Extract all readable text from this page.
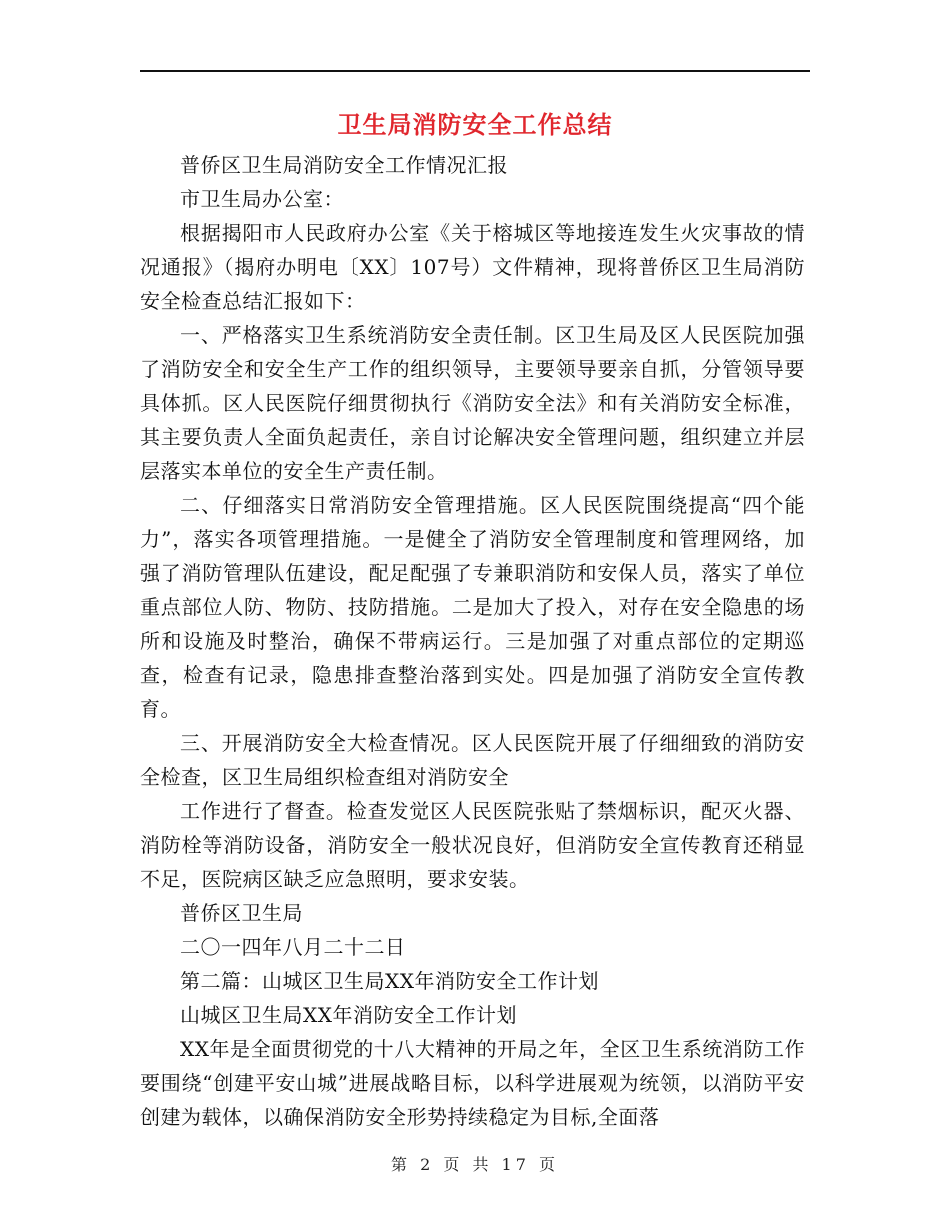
卫生局消防安全工作总结

普侨区卫生局消防安全工作情况汇报

市卫生局办公室：

根据揭阳市人民政府办公室《关于榕城区等地接连发生火灾事故的情况通报》（揭府办明电〔XX〕107号）文件精神，现将普侨区卫生局消防安全检查总结汇报如下：

一、严格落实卫生系统消防安全责任制。区卫生局及区人民医院加强了消防安全和安全生产工作的组织领导，主要领导要亲自抓，分管领导要具体抓。区人民医院仔细贯彻执行《消防安全法》和有关消防安全标准，其主要负责人全面负起责任，亲自讨论解决安全管理问题，组织建立并层层落实本单位的安全生产责任制。

二、仔细落实日常消防安全管理措施。区人民医院围绕提高“四个能力”，落实各项管理措施。一是健全了消防安全管理制度和管理网络，加强了消防管理队伍建设，配足配强了专兼职消防和安保人员，落实了单位重点部位人防、物防、技防措施。二是加大了投入，对存在安全隐患的场所和设施及时整治，确保不带病运行。三是加强了对重点部位的定期巡查，检查有记录，隐患排查整治落到实处。四是加强了消防安全宣传教育。

三、开展消防安全大检查情况。区人民医院开展了仔细细致的消防安全检查，区卫生局组织检查组对消防安全

工作进行了督查。检查发觉区人民医院张贴了禁烟标识，配灭火器、消防栓等消防设备，消防安全一般状况良好，但消防安全宣传教育还稍显不足，医院病区缺乏应急照明，要求安装。

普侨区卫生局

二〇一四年八月二十二日

第二篇：山城区卫生局XX年消防安全工作计划

山城区卫生局XX年消防安全工作计划

XX年是全面贯彻党的十八大精神的开局之年，全区卫生系统消防工作要围绕“创建平安山城”进展战略目标，以科学进展观为统领，以消防平安创建为载体，以确保消防安全形势持续稳定为目标,全面落

第 2 页 共 17 页
